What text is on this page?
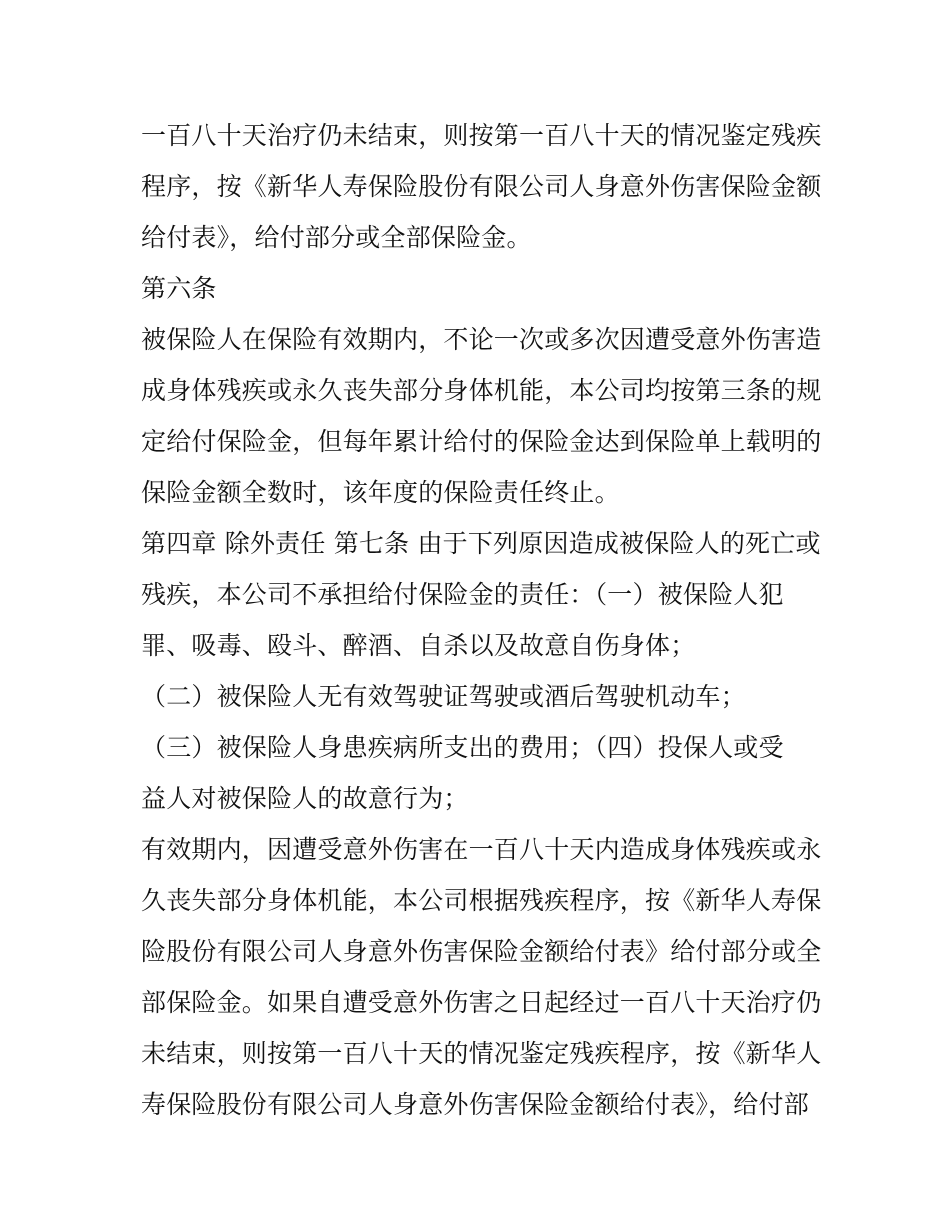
一百八十天治疗仍未结束，则按第一百八十天的情况鉴定残疾
程序，按《新华人寿保险股份有限公司人身意外伤害保险金额
给付表》，给付部分或全部保险金。
第六条
被保险人在保险有效期内，不论一次或多次因遭受意外伤害造
成身体残疾或永久丧失部分身体机能，本公司均按第三条的规
定给付保险金，但每年累计给付的保险金达到保险单上载明的
保险金额全数时，该年度的保险责任终止。
第四章 除外责任 第七条 由于下列原因造成被保险人的死亡或
残疾，本公司不承担给付保险金的责任：（一）被保险人犯
罪、吸毒、殴斗、醉酒、自杀以及故意自伤身体；
（二）被保险人无有效驾驶证驾驶或酒后驾驶机动车；
（三）被保险人身患疾病所支出的费用；（四）投保人或受
益人对被保险人的故意行为；
有效期内，因遭受意外伤害在一百八十天内造成身体残疾或永
久丧失部分身体机能，本公司根据残疾程序，按《新华人寿保
险股份有限公司人身意外伤害保险金额给付表》给付部分或全
部保险金。如果自遭受意外伤害之日起经过一百八十天治疗仍
未结束，则按第一百八十天的情况鉴定残疾程序，按《新华人
寿保险股份有限公司人身意外伤害保险金额给付表》，给付部
